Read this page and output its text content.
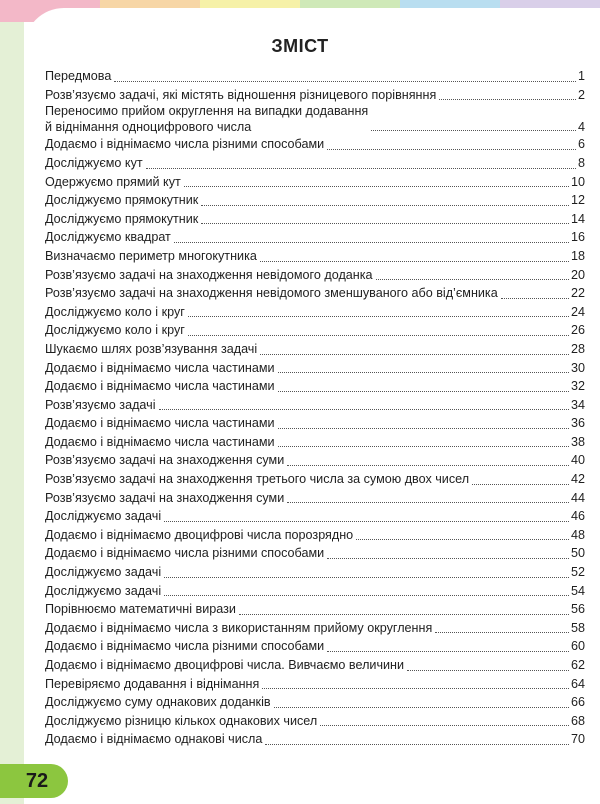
ЗМІСТ
Передмова	1
Розв’язуємо задачі, які містять відношення різницевого порівняння	2
Переносимо прийом округлення на випадки додавання
й віднімання одноцифрового числа	4
Додаємо і віднімаємо числа різними способами	6
Досліджуємо кут	8
Одержуємо прямий кут	10
Досліджуємо прямокутник	12
Досліджуємо прямокутник	14
Досліджуємо квадрат	16
Визначаємо периметр многокутника	18
Розв’язуємо задачі на знаходження невідомого доданка	20
Розв’язуємо задачі на знаходження невідомого зменшуваного або від’ємника	22
Досліджуємо коло і круг	24
Досліджуємо коло і круг	26
Шукаємо шлях розв’язування задачі	28
Додаємо і віднімаємо числа частинами	30
Додаємо і віднімаємо числа частинами	32
Розв’язуємо задачі	34
Додаємо і віднімаємо числа частинами	36
Додаємо і віднімаємо числа частинами	38
Розв’язуємо задачі на знаходження суми	40
Розв’язуємо задачі на знаходження третього числа за сумою двох чисел	42
Розв’язуємо задачі на знаходження суми	44
Досліджуємо задачі	46
Додаємо і віднімаємо двоцифрові числа порозрядно	48
Додаємо і віднімаємо числа різними способами	50
Досліджуємо задачі	52
Досліджуємо задачі	54
Порівнюємо математичні вирази	56
Додаємо і віднімаємо числа з використанням прийому округлення	58
Додаємо і віднімаємо числа різними способами	60
Додаємо і віднімаємо двоцифрові числа. Вивчаємо величини	62
Перевіряємо додавання і віднімання	64
Досліджуємо суму однакових доданків	66
Досліджуємо різницю кількох однакових чисел	68
Додаємо і віднімаємо однакові числа	70
72
